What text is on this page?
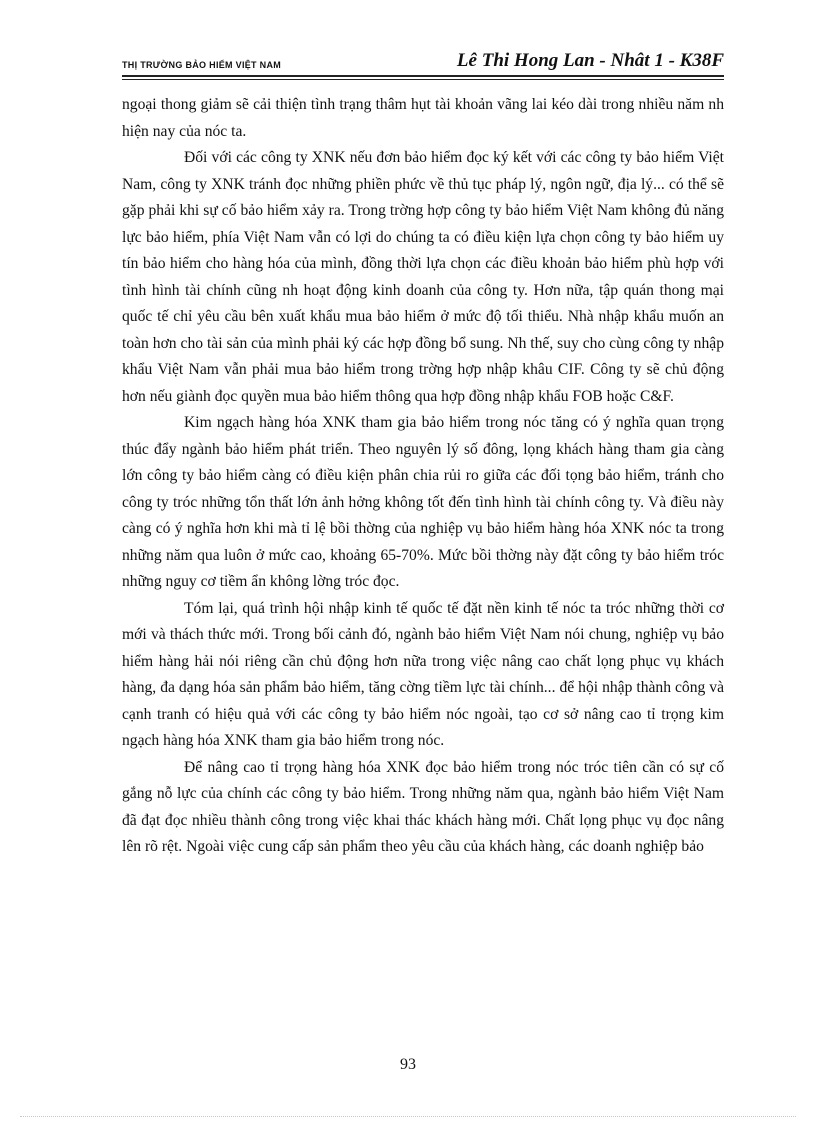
THỊ TRƯỜNG BẢO HIỂM VIỆT NAM	Lê Thi Hong Lan - Nhât 1 - K38F

ngoại thong giảm sẽ cải thiện tình trạng thâm hụt tài khoản vãng lai kéo dài trong nhiều năm nh hiện nay của nóc ta.

Đối với các công ty XNK nếu đơn bảo hiểm đọc ký kết với các công ty bảo hiểm Việt Nam, công ty XNK tránh đọc những phiền phức về thủ tục pháp lý, ngôn ngữ, địa lý... có thể sẽ gặp phải khi sự cố bảo hiểm xảy ra. Trong trờng hợp công ty bảo hiểm Việt Nam không đủ năng lực bảo hiểm, phía Việt Nam vẫn có lợi do chúng ta có điều kiện lựa chọn công ty bảo hiểm uy tín bảo hiểm cho hàng hóa của mình, đồng thời lựa chọn các điều khoản bảo hiểm phù hợp với tình hình tài chính cũng nh hoạt động kinh doanh của công ty. Hơn nữa, tập quán thong mại quốc tế chỉ yêu cầu bên xuất khẩu mua bảo hiểm ở mức độ tối thiểu. Nhà nhập khẩu muốn an toàn hơn cho tài sản của mình phải ký các hợp đồng bổ sung. Nh thế, suy cho cùng công ty nhập khẩu Việt Nam vẫn phải mua bảo hiểm trong trờng hợp nhập khâu CIF. Công ty sẽ chủ động hơn nếu giành đọc quyền mua bảo hiểm thông qua hợp đồng nhập khẩu FOB hoặc C&F.

Kim ngạch hàng hóa XNK tham gia bảo hiểm trong nóc tăng có ý nghĩa quan trọng thúc đẩy ngành bảo hiểm phát triển. Theo nguyên lý số đông, lọng khách hàng tham gia càng lớn công ty bảo hiểm càng có điều kiện phân chia rủi ro giữa các đối tọng bảo hiểm, tránh cho công ty tróc những tổn thất lớn ảnh hởng không tốt đến tình hình tài chính công ty. Và điều này càng có ý nghĩa hơn khi mà tỉ lệ bồi thờng của nghiệp vụ bảo hiểm hàng hóa XNK nóc ta trong những năm qua luôn ở mức cao, khoảng 65-70%. Mức bồi thờng này đặt công ty bảo hiểm tróc những nguy cơ tiềm ẩn không lờng tróc đọc.

Tóm lại, quá trình hội nhập kinh tế quốc tế đặt nền kinh tế nóc ta tróc những thời cơ mới và thách thức mới. Trong bối cảnh đó, ngành bảo hiểm Việt Nam nói chung, nghiệp vụ bảo hiểm hàng hải nói riêng cần chủ động hơn nữa trong việc nâng cao chất lọng phục vụ khách hàng, đa dạng hóa sản phẩm bảo hiểm, tăng cờng tiềm lực tài chính... để hội nhập thành công và cạnh tranh có hiệu quả với các công ty bảo hiểm nóc ngoài, tạo cơ sở nâng cao tỉ trọng kim ngạch hàng hóa XNK tham gia bảo hiểm trong nóc.

Để nâng cao tỉ trọng hàng hóa XNK đọc bảo hiểm trong nóc tróc tiên cần có sự cố gắng nỗ lực của chính các công ty bảo hiểm. Trong những năm qua, ngành bảo hiểm Việt Nam đã đạt đọc nhiều thành công trong việc khai thác khách hàng mới. Chất lọng phục vụ đọc nâng lên rõ rệt. Ngoài việc cung cấp sản phẩm theo yêu cầu của khách hàng, các doanh nghiệp bảo

93
